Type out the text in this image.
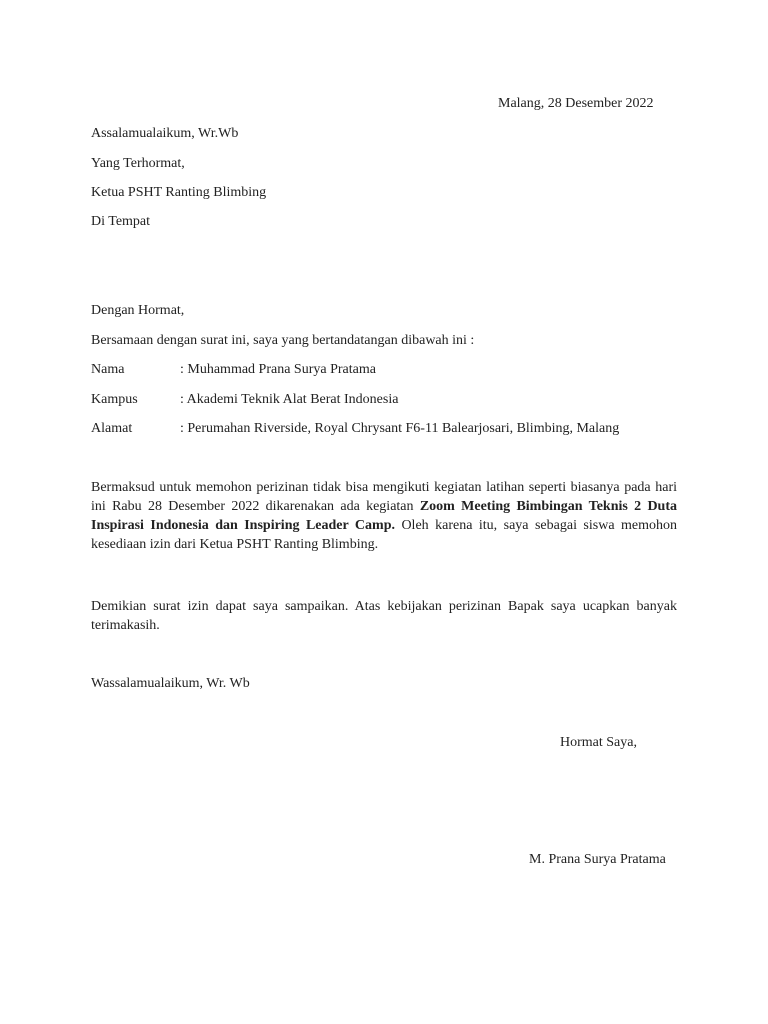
Malang, 28 Desember 2022
Assalamualaikum, Wr.Wb
Yang Terhormat,
Ketua PSHT Ranting Blimbing
Di Tempat
Dengan Hormat,
Bersamaan dengan surat ini, saya yang bertandatangan dibawah ini :
Nama	: Muhammad Prana Surya Pratama
Kampus	: Akademi Teknik Alat Berat Indonesia
Alamat	: Perumahan Riverside, Royal Chrysant F6-11 Balearjosari, Blimbing, Malang
Bermaksud untuk memohon perizinan tidak bisa mengikuti kegiatan latihan seperti biasanya pada hari ini Rabu 28 Desember 2022 dikarenakan ada kegiatan Zoom Meeting Bimbingan Teknis 2 Duta Inspirasi Indonesia dan Inspiring Leader Camp. Oleh karena itu, saya sebagai siswa memohon kesediaan izin dari Ketua PSHT Ranting Blimbing.
Demikian surat izin dapat saya sampaikan. Atas kebijakan perizinan Bapak saya ucapkan banyak terimakasih.
Wassalamualaikum, Wr. Wb
Hormat Saya,
M. Prana Surya Pratama
